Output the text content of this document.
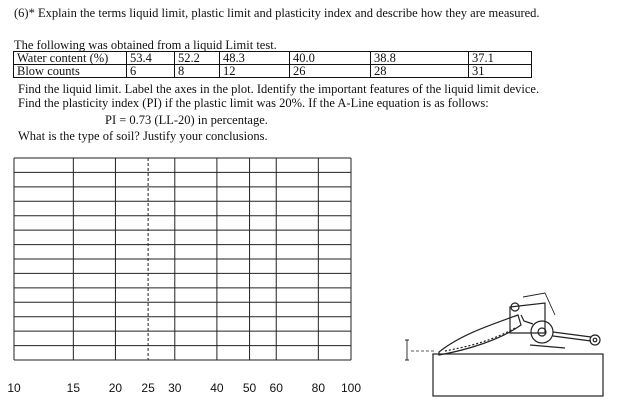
(6)* Explain the terms liquid limit, plastic limit and plasticity index and describe how they are measured.
The following was obtained from a liquid Limit test.
Water content (%)	53.4	52.2	48.3	40.0	38.8	37.1
Blow counts	6	8	12	26	28	31
Find the liquid limit. Label the axes in the plot. Identify the important features of the liquid limit device.
Find the plasticity index (PI) if the plastic limit was 20%. If the A-Line equation is as follows:
PI = 0.73 (LL-20) in percentage.
What is the type of soil? Justify your conclusions.
10	15 20 25 30 40 50 60 80 100
